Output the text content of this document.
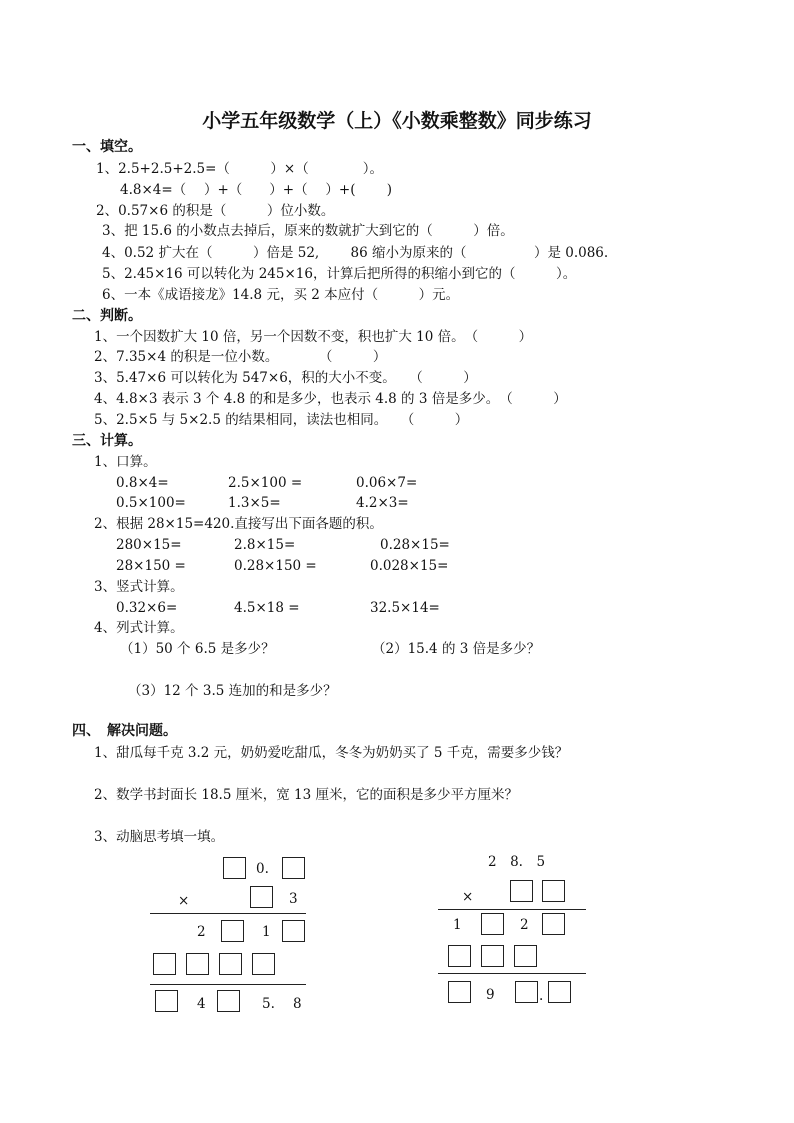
小学五年级数学（上）《小数乘整数》同步练习
一、填空。
1、2.5+2.5+2.5=（　　　）×（　　　　）。
4.8×4=（　 ）+（　　）+（　 ）+(　　 )
2、0.57×6 的积是（　　　）位小数。
3、把 15.6 的小数点去掉后，原来的数就扩大到它的（　　　）倍。
4、0.52 扩大在（　　　）倍是 52,　　 86 缩小为原来的（　　　　　）是 0.086.
5、2.45×16 可以转化为 245×16，计算后把所得的积缩小到它的（　　　）。
6、一本《成语接龙》14.8 元，买 2 本应付（　　　）元。
二、判断。
1、一个因数扩大 10 倍，另一个因数不变，积也扩大 10 倍。　（　　　）
2、7.35×4 的积是一位小数。　　　　（　　　）
3、5.47×6 可以转化为 547×6，积的大小不变。　　（　　　）
4、4.8×3 表示 3 个 4.8 的和是多少，也表示 4.8 的 3 倍是多少。　（　　　）
5、2.5×5 与 5×2.5 的结果相同，读法也相同。　　（　　　）
三、计算。
1、口算。
0.8×4=	2.5×100 =	0.06×7=
0.5×100=	1.3×5=	4.2×3=
2、根据 28×15=420.直接写出下面各题的积。
280×15=	2.8×15=	0.28×15=
28×150 =	0.28×150 =	0.028×15=
3、竖式计算。
0.32×6=	4.5×18 =	32.5×14=
4、列式计算。
（1）50 个 6.5 是多少？	（2）15.4 的 3 倍是多少？
（3）12 个 3.5 连加的和是多少？
四、　解决问题。
1、甜瓜每千克 3.2 元，奶奶爱吃甜瓜，冬冬为奶奶买了 5 千克，需要多少钱？
2、数学书封面长 18.5 厘米，宽 13 厘米，它的面积是多少平方厘米？
3、动脑思考填一填。
0.
×	3
2	1
4	5. 8
2　8.　5
×
1	2
9	.
